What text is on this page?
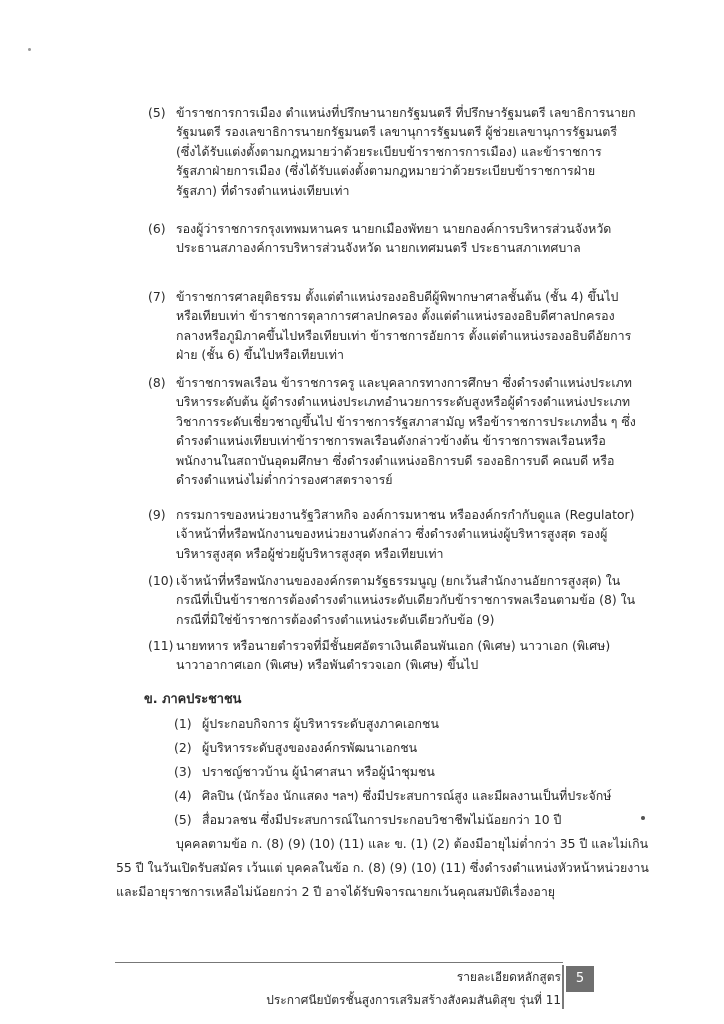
(5) ข้าราชการการเมือง ตำแหน่งที่ปรึกษานายกรัฐมนตรี ที่ปรึกษารัฐมนตรี เลขาธิการนายกรัฐมนตรี รองเลขาธิการนายกรัฐมนตรี เลขานุการรัฐมนตรี ผู้ช่วยเลขานุการรัฐมนตรี (ซึ่งได้รับแต่งตั้งตามกฎหมายว่าด้วยระเบียบข้าราชการการเมือง) และข้าราชการรัฐสภาฝ่ายการเมือง (ซึ่งได้รับแต่งตั้งตามกฎหมายว่าด้วยระเบียบข้าราชการฝ่ายรัฐสภา) ที่ดำรงตำแหน่งเทียบเท่า
(6) รองผู้ว่าราชการกรุงเทพมหานคร นายกเมืองพัทยา นายกองค์การบริหารส่วนจังหวัด ประธานสภาองค์การบริหารส่วนจังหวัด นายกเทศมนตรี ประธานสภาเทศบาล
(7) ข้าราชการศาลยุติธรรม ตั้งแต่ตำแหน่งรองอธิบดีผู้พิพากษาศาลชั้นต้น (ชั้น 4) ขึ้นไปหรือเทียบเท่า ข้าราชการตุลาการศาลปกครอง ตั้งแต่ตำแหน่งรองอธิบดีศาลปกครองกลางหรือภูมิภาคขึ้นไปหรือเทียบเท่า ข้าราชการอัยการ ตั้งแต่ตำแหน่งรองอธิบดีอัยการฝ่าย (ชั้น 6) ขึ้นไปหรือเทียบเท่า
(8) ข้าราชการพลเรือน ข้าราชการครู และบุคลากรทางการศึกษา ซึ่งดำรงตำแหน่งประเภทบริหารระดับต้น ผู้ดำรงตำแหน่งประเภทอำนวยการระดับสูงหรือผู้ดำรงตำแหน่งประเภทวิชาการระดับเชี่ยวชาญขึ้นไป ข้าราชการรัฐสภาสามัญ หรือข้าราชการประเภทอื่น ๆ ซึ่งดำรงตำแหน่งเทียบเท่าข้าราชการพลเรือนดังกล่าวข้างต้น ข้าราชการพลเรือนหรือพนักงานในสถาบันอุดมศึกษา ซึ่งดำรงตำแหน่งอธิการบดี รองอธิการบดี คณบดี หรือดำรงตำแหน่งไม่ต่ำกว่ารองศาสตราจารย์
(9) กรรมการของหน่วยงานรัฐวิสาหกิจ องค์การมหาชน หรือองค์กรกำกับดูแล (Regulator) เจ้าหน้าที่หรือพนักงานของหน่วยงานดังกล่าว ซึ่งดำรงตำแหน่งผู้บริหารสูงสุด รองผู้บริหารสูงสุด หรือผู้ช่วยผู้บริหารสูงสุด หรือเทียบเท่า
(10) เจ้าหน้าที่หรือพนักงานขององค์กรตามรัฐธรรมนูญ (ยกเว้นสำนักงานอัยการสูงสุด) ในกรณีที่เป็นข้าราชการต้องดำรงตำแหน่งระดับเดียวกับข้าราชการพลเรือนตามข้อ (8) ในกรณีที่มิใช่ข้าราชการต้องดำรงตำแหน่งระดับเดียวกับข้อ (9)
(11) นายทหาร หรือนายตำรวจที่มีชั้นยศอัตราเงินเดือนพันเอก (พิเศษ) นาวาเอก (พิเศษ) นาวาอากาศเอก (พิเศษ) หรือพันตำรวจเอก (พิเศษ) ขึ้นไป
ข. ภาคประชาชน
(1) ผู้ประกอบกิจการ ผู้บริหารระดับสูงภาคเอกชน
(2) ผู้บริหารระดับสูงขององค์กรพัฒนาเอกชน
(3) ปราชญ์ชาวบ้าน ผู้นำศาสนา หรือผู้นำชุมชน
(4) ศิลปิน (นักร้อง นักแสดง ฯลฯ) ซึ่งมีประสบการณ์สูง และมีผลงานเป็นที่ประจักษ์
(5) สื่อมวลชน ซึ่งมีประสบการณ์ในการประกอบวิชาชีพไม่น้อยกว่า 10 ปี
บุคคลตามข้อ ก. (8) (9) (10) (11) และ ข. (1) (2) ต้องมีอายุไม่ต่ำกว่า 35 ปี และไม่เกิน
55 ปี ในวันเปิดรับสมัคร เว้นแต่ บุคคลในข้อ ก. (8) (9) (10) (11) ซึ่งดำรงตำแหน่งหัวหน้าหน่วยงาน
และมีอายุราชการเหลือไม่น้อยกว่า 2 ปี อาจได้รับพิจารณายกเว้นคุณสมบัติเรื่องอายุ
รายละเอียดหลักสูตร
ประกาศนียบัตรชั้นสูงการเสริมสร้างสังคมสันติสุข รุ่นที่ 11
5
